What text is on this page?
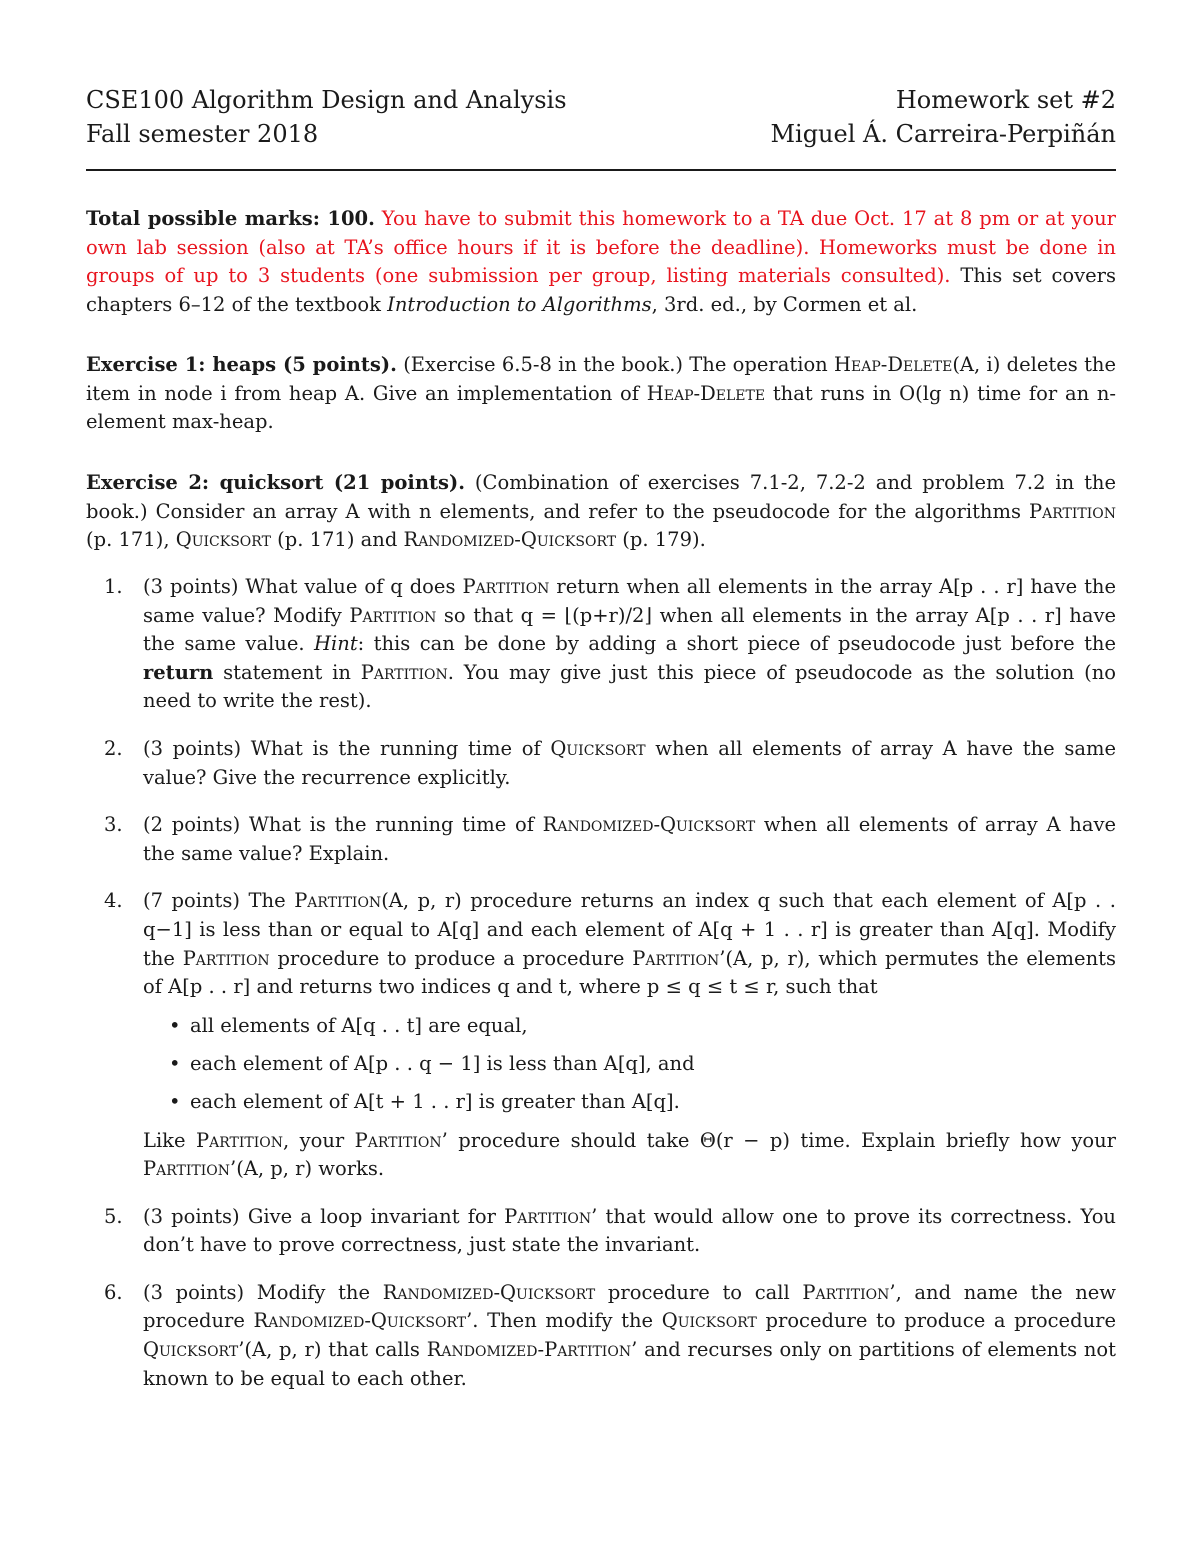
CSE100 Algorithm Design and Analysis	Homework set #2
Fall semester 2018	Miguel Á. Carreira-Perpiñán

Total possible marks: 100. You have to submit this homework to a TA due Oct. 17 at 8 pm or at your own lab session (also at TA’s office hours if it is before the deadline). Homeworks must be done in groups of up to 3 students (one submission per group, listing materials consulted). This set covers chapters 6–12 of the textbook Introduction to Algorithms, 3rd. ed., by Cormen et al.

Exercise 1: heaps (5 points). (Exercise 6.5-8 in the book.) The operation Heap-Delete(A, i) deletes the item in node i from heap A. Give an implementation of Heap-Delete that runs in O(lg n) time for an n-element max-heap.

Exercise 2: quicksort (21 points). (Combination of exercises 7.1-2, 7.2-2 and problem 7.2 in the book.) Consider an array A with n elements, and refer to the pseudocode for the algorithms Partition (p. 171), Quicksort (p. 171) and Randomized-Quicksort (p. 179).

1. (3 points) What value of q does Partition return when all elements in the array A[p . . r] have the same value? Modify Partition so that q = ⌊(p+r)/2⌋ when all elements in the array A[p . . r] have the same value. Hint: this can be done by adding a short piece of pseudocode just before the return statement in Partition. You may give just this piece of pseudocode as the solution (no need to write the rest).
2. (3 points) What is the running time of Quicksort when all elements of array A have the same value? Give the recurrence explicitly.
3. (2 points) What is the running time of Randomized-Quicksort when all elements of array A have the same value? Explain.
4. (7 points) The Partition(A, p, r) procedure returns an index q such that each element of A[p . . q−1] is less than or equal to A[q] and each element of A[q + 1 . . r] is greater than A[q]. Modify the Partition procedure to produce a procedure Partition’(A, p, r), which permutes the elements of A[p . . r] and returns two indices q and t, where p ≤ q ≤ t ≤ r, such that
• all elements of A[q . . t] are equal,
• each element of A[p . . q − 1] is less than A[q], and
• each element of A[t + 1 . . r] is greater than A[q].

Like Partition, your Partition’ procedure should take Θ(r − p) time. Explain briefly how your Partition’(A, p, r) works.

5. (3 points) Give a loop invariant for Partition’ that would allow one to prove its correctness. You don’t have to prove correctness, just state the invariant.
6. (3 points) Modify the Randomized-Quicksort procedure to call Partition’, and name the new procedure Randomized-Quicksort’. Then modify the Quicksort procedure to produce a procedure Quicksort’(A, p, r) that calls Randomized-Partition’ and recurses only on partitions of elements not known to be equal to each other.
